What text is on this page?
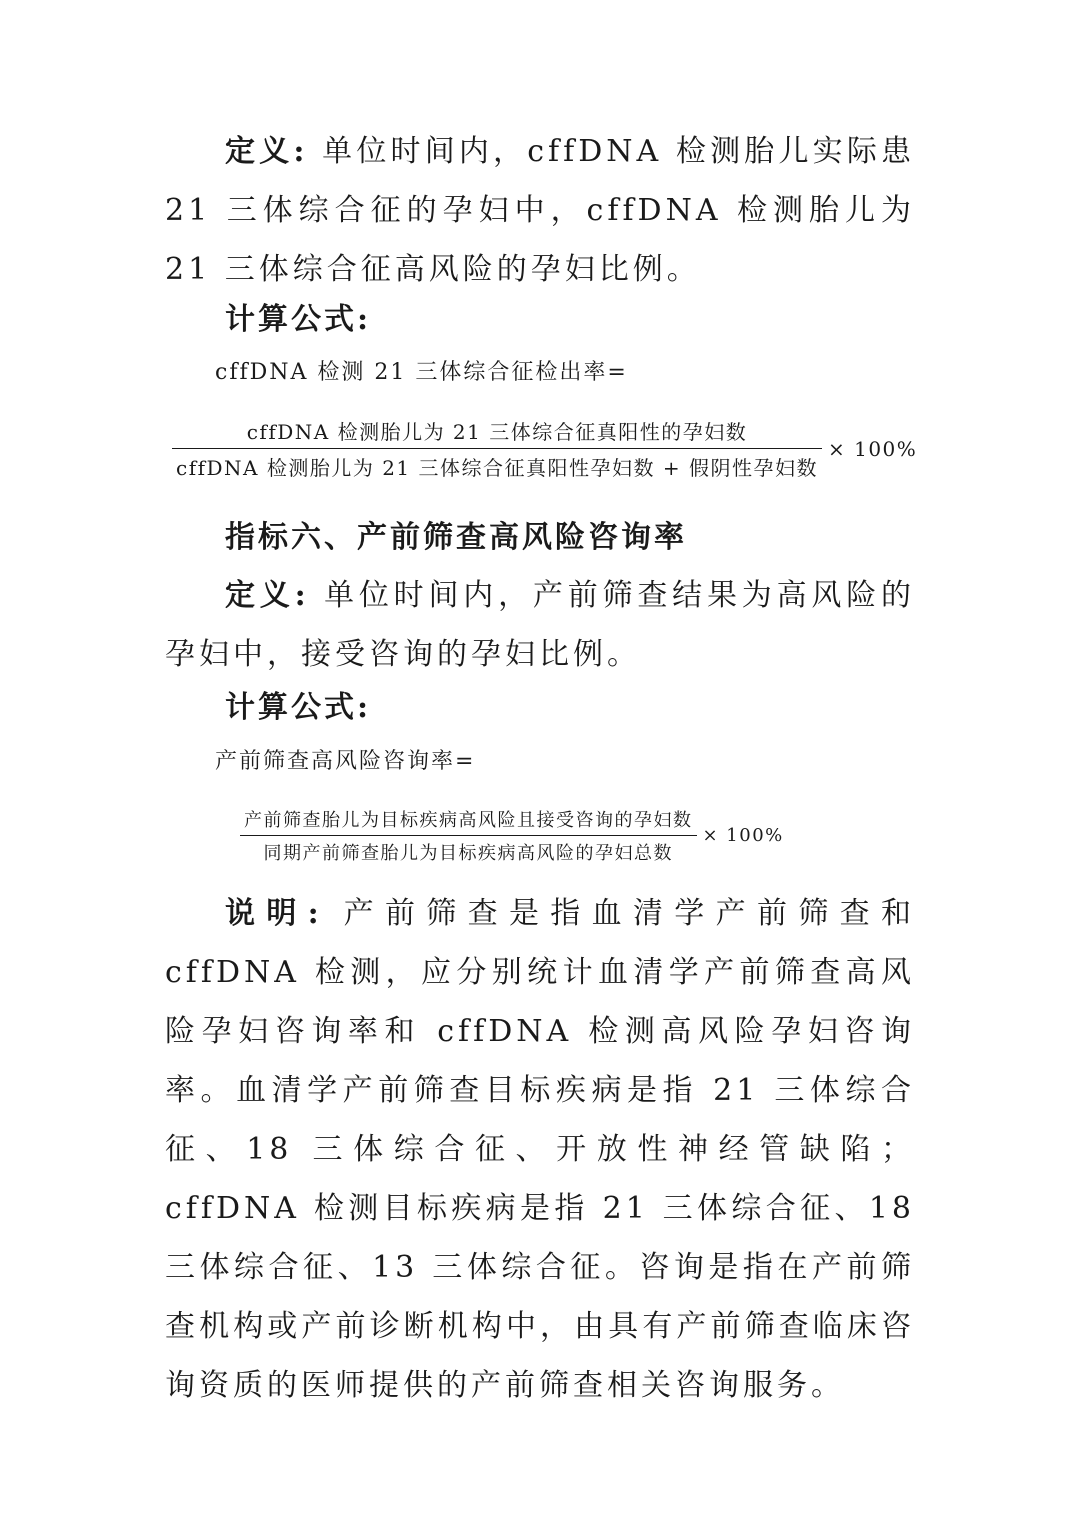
定义: 单位时间内，cffDNA 检测胎儿实际患 21 三体综合征的孕妇中，cffDNA 检测胎儿为 21 三体综合征高风险的孕妇比例。

计算公式:

cffDNA 检测 21 三体综合征检出率=
$\frac{\text{cffDNA 检测胎儿为 21 三体综合征真阳性的孕妇数}}{\text{cffDNA 检测胎儿为 21 三体综合征真阳性孕妇数 + 假阴性孕妇数}} \times 100\%$

指标六、产前筛查高风险咨询率

定义: 单位时间内，产前筛查结果为高风险的孕妇中，接受咨询的孕妇比例。

计算公式:

产前筛查高风险咨询率=
$\frac{\text{产前筛查胎儿为目标疾病高风险且接受咨询的孕妇数}}{\text{同期产前筛查胎儿为目标疾病高风险的孕妇总数}} \times 100\%$

说明: 产前筛查是指血清学产前筛查和 cffDNA 检测，应分别统计血清学产前筛查高风险孕妇咨询率和 cffDNA 检测高风险孕妇咨询率。血清学产前筛查目标疾病是指 21 三体综合征、18 三体综合征、开放性神经管缺陷；cffDNA 检测目标疾病是指 21 三体综合征、18 三体综合征、13 三体综合征。咨询是指在产前筛查机构或产前诊断机构中，由具有产前筛查临床咨询资质的医师提供的产前筛查相关咨询服务。
